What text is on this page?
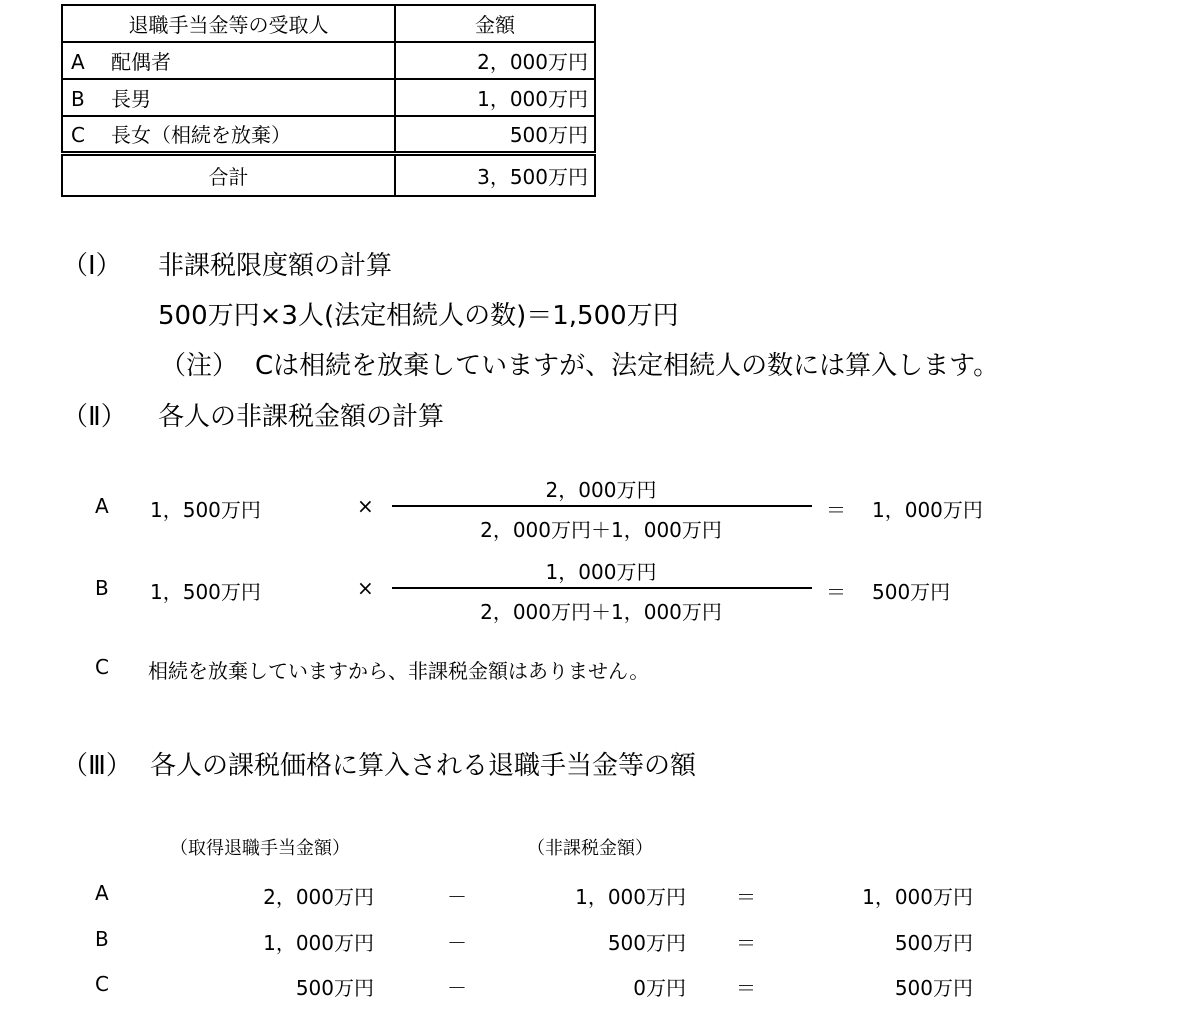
退職手当金等の受取人	金額
A 配偶者	2，000万円
B 長男	1，000万円
C 長女（相続を放棄）	500万円
合計	3，500万円
（Ⅰ） 非課税限度額の計算
500万円×3人(法定相続人の数)＝1,500万円
（注） Cは相続を放棄していますが、法定相続人の数には算入します。
（Ⅱ） 各人の非課税金額の計算
A 1，500万円	×
2，000万円
2，000万円＋1，000万円
＝ 1，000万円
B 1，500万円	×
1，000万円
2，000万円＋1，000万円
＝ 500万円
C 相続を放棄していますから、非課税金額はありません。
（Ⅲ） 各人の課税価格に算入される退職手当金等の額
（取得退職手当金額）	（非課税金額）
A	2，000万円	－	1，000万円	＝	1，000万円
B	1，000万円	－	500万円	＝	500万円
C	500万円	－	0万円	＝	500万円
